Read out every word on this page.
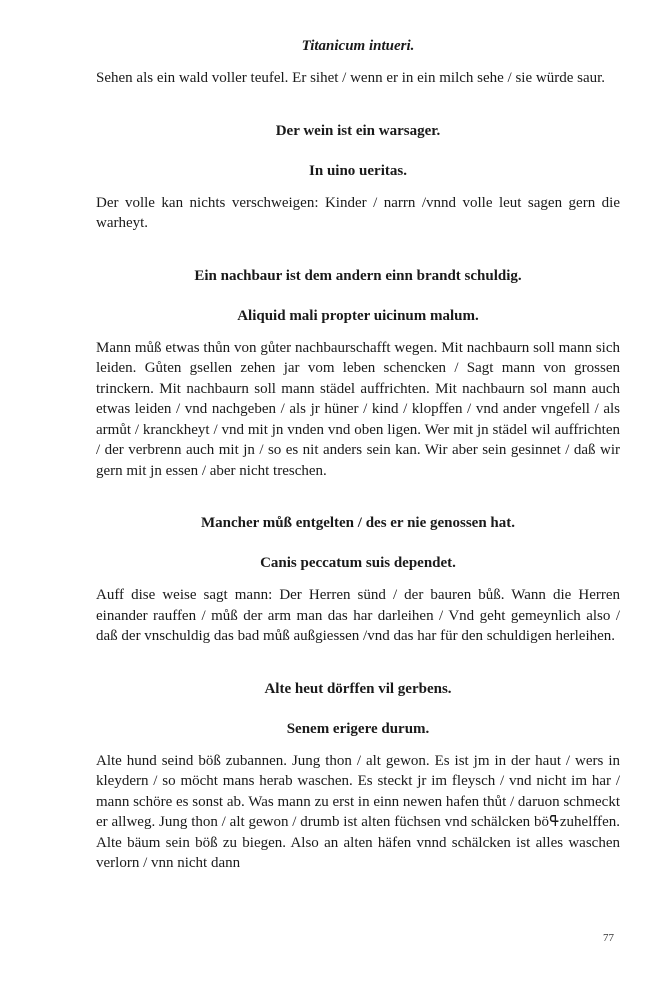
Titanicum intueri.

Sehen als ein wald voller teufel. Er sihet / wenn er in ein milch sehe / sie würde saur.

Der wein ist ein warsager.

In uino ueritas.

Der volle kan nichts verschweigen: Kinder / narrn /vnnd volle leut sagen gern die warheyt.

Ein nachbaur ist dem andern einn brandt schuldig.

Aliquid mali propter uicinum malum.

Mann můß etwas thůn von gůter nachbaurschafft wegen. Mit nachbaurn soll mann sich leiden. Gůten gsellen zehen jar vom leben schencken / Sagt mann von grossen trinckern. Mit nachbaurn soll mann städel auffrichten. Mit nachbaurn sol mann auch etwas leiden / vnd nachgeben / als jr hüner / kind / klopffen / vnd ander vngefell / als armůt / kranckheyt / vnd mit jn vnden vnd oben ligen. Wer mit jn städel wil auffrichten / der verbrenn auch mit jn / so es nit anders sein kan. Wir aber sein gesinnet / daß wir gern mit jn essen / aber nicht treschen.

Mancher můß entgelten / des er nie genossen hat.

Canis peccatum suis dependet.

Auff dise weise sagt mann: Der Herren sünd / der bauren bůß. Wann die Herren einander rauffen / můß der arm man das har darleihen / Vnd geht gemeynlich also / daß der vnschuldig das bad můß außgiessen /vnd das har für den schuldigen herleihen.

Alte heut dörffen vil gerbens.

Senem erigere durum.

Alte hund seind böß zubannen. Jung thon / alt gewon. Es ist jm in der haut / wers in kleydern / so möcht mans herab waschen. Es steckt jr im fleysch / vnd nicht im har / mann schöre es sonst ab. Was mann zu erst in einn newen hafen thůt / daruon schmeckt er allweg. Jung thon / alt gewon / drumb ist alten füchsen vnd schälcken böߟzuhelffen. Alte bäum sein böß zu biegen. Also an alten häfen vnnd schälcken ist alles waschen verlorn / vnn nicht dann

77
